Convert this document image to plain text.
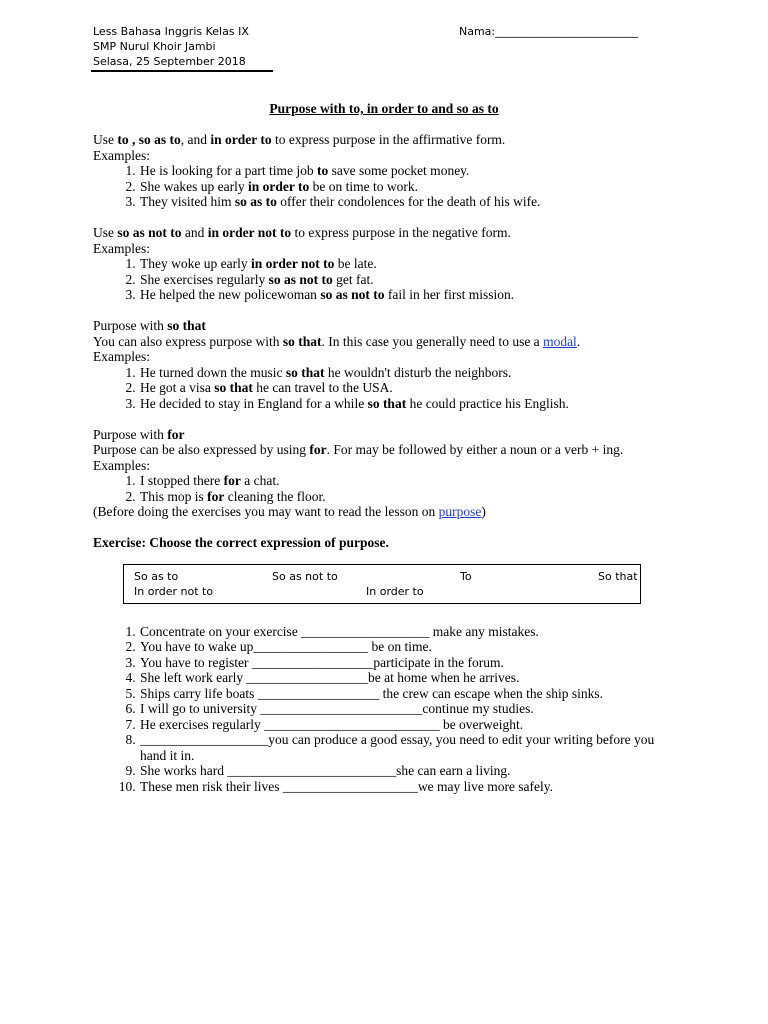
Less Bahasa Inggris Kelas IX
SMP Nurul Khoir Jambi
Selasa, 25 September 2018
Nama:__________________________
Purpose with to, in order to and so as to

Use to , so as to, and in order to to express purpose in the affirmative form.

Examples:

1. He is looking for a part time job to save some pocket money.
2. She wakes up early in order to be on time to work.
3. They visited him so as to offer their condolences for the death of his wife.

Use so as not to and in order not to to express purpose in the negative form.

Examples:

1. They woke up early in order not to be late.
2. She exercises regularly so as not to get fat.
3. He helped the new policewoman so as not to fail in her first mission.

Purpose with so that

You can also express purpose with so that. In this case you generally need to use a modal.

Examples:

1. He turned down the music so that he wouldn't disturb the neighbors.
2. He got a visa so that he can travel to the USA.
3. He decided to stay in England for a while so that he could practice his English.

Purpose with for

Purpose can be also expressed by using for. For may be followed by either a noun or a verb + ing.

Examples:

1. I stopped there for a chat.
2. This mop is for cleaning the floor.

(Before doing the exercises you may want to read the lesson on purpose)

Exercise: Choose the correct expression of purpose.

So as to	So as not to	To	So that
In order not to	In order to
1. Concentrate on your exercise ___________________ make any mistakes.
2. You have to wake up_________________ be on time.
3. You have to register __________________participate in the forum.
4. She left work early __________________be at home when he arrives.
5. Ships carry life boats __________________ the crew can escape when the ship sinks.
6. I will go to university ________________________continue my studies.
7. He exercises regularly __________________________ be overweight.
8. ___________________you can produce a good essay, you need to edit your writing before you hand it in.
9. She works hard _________________________she can earn a living.
10. These men risk their lives ____________________we may live more safely.
